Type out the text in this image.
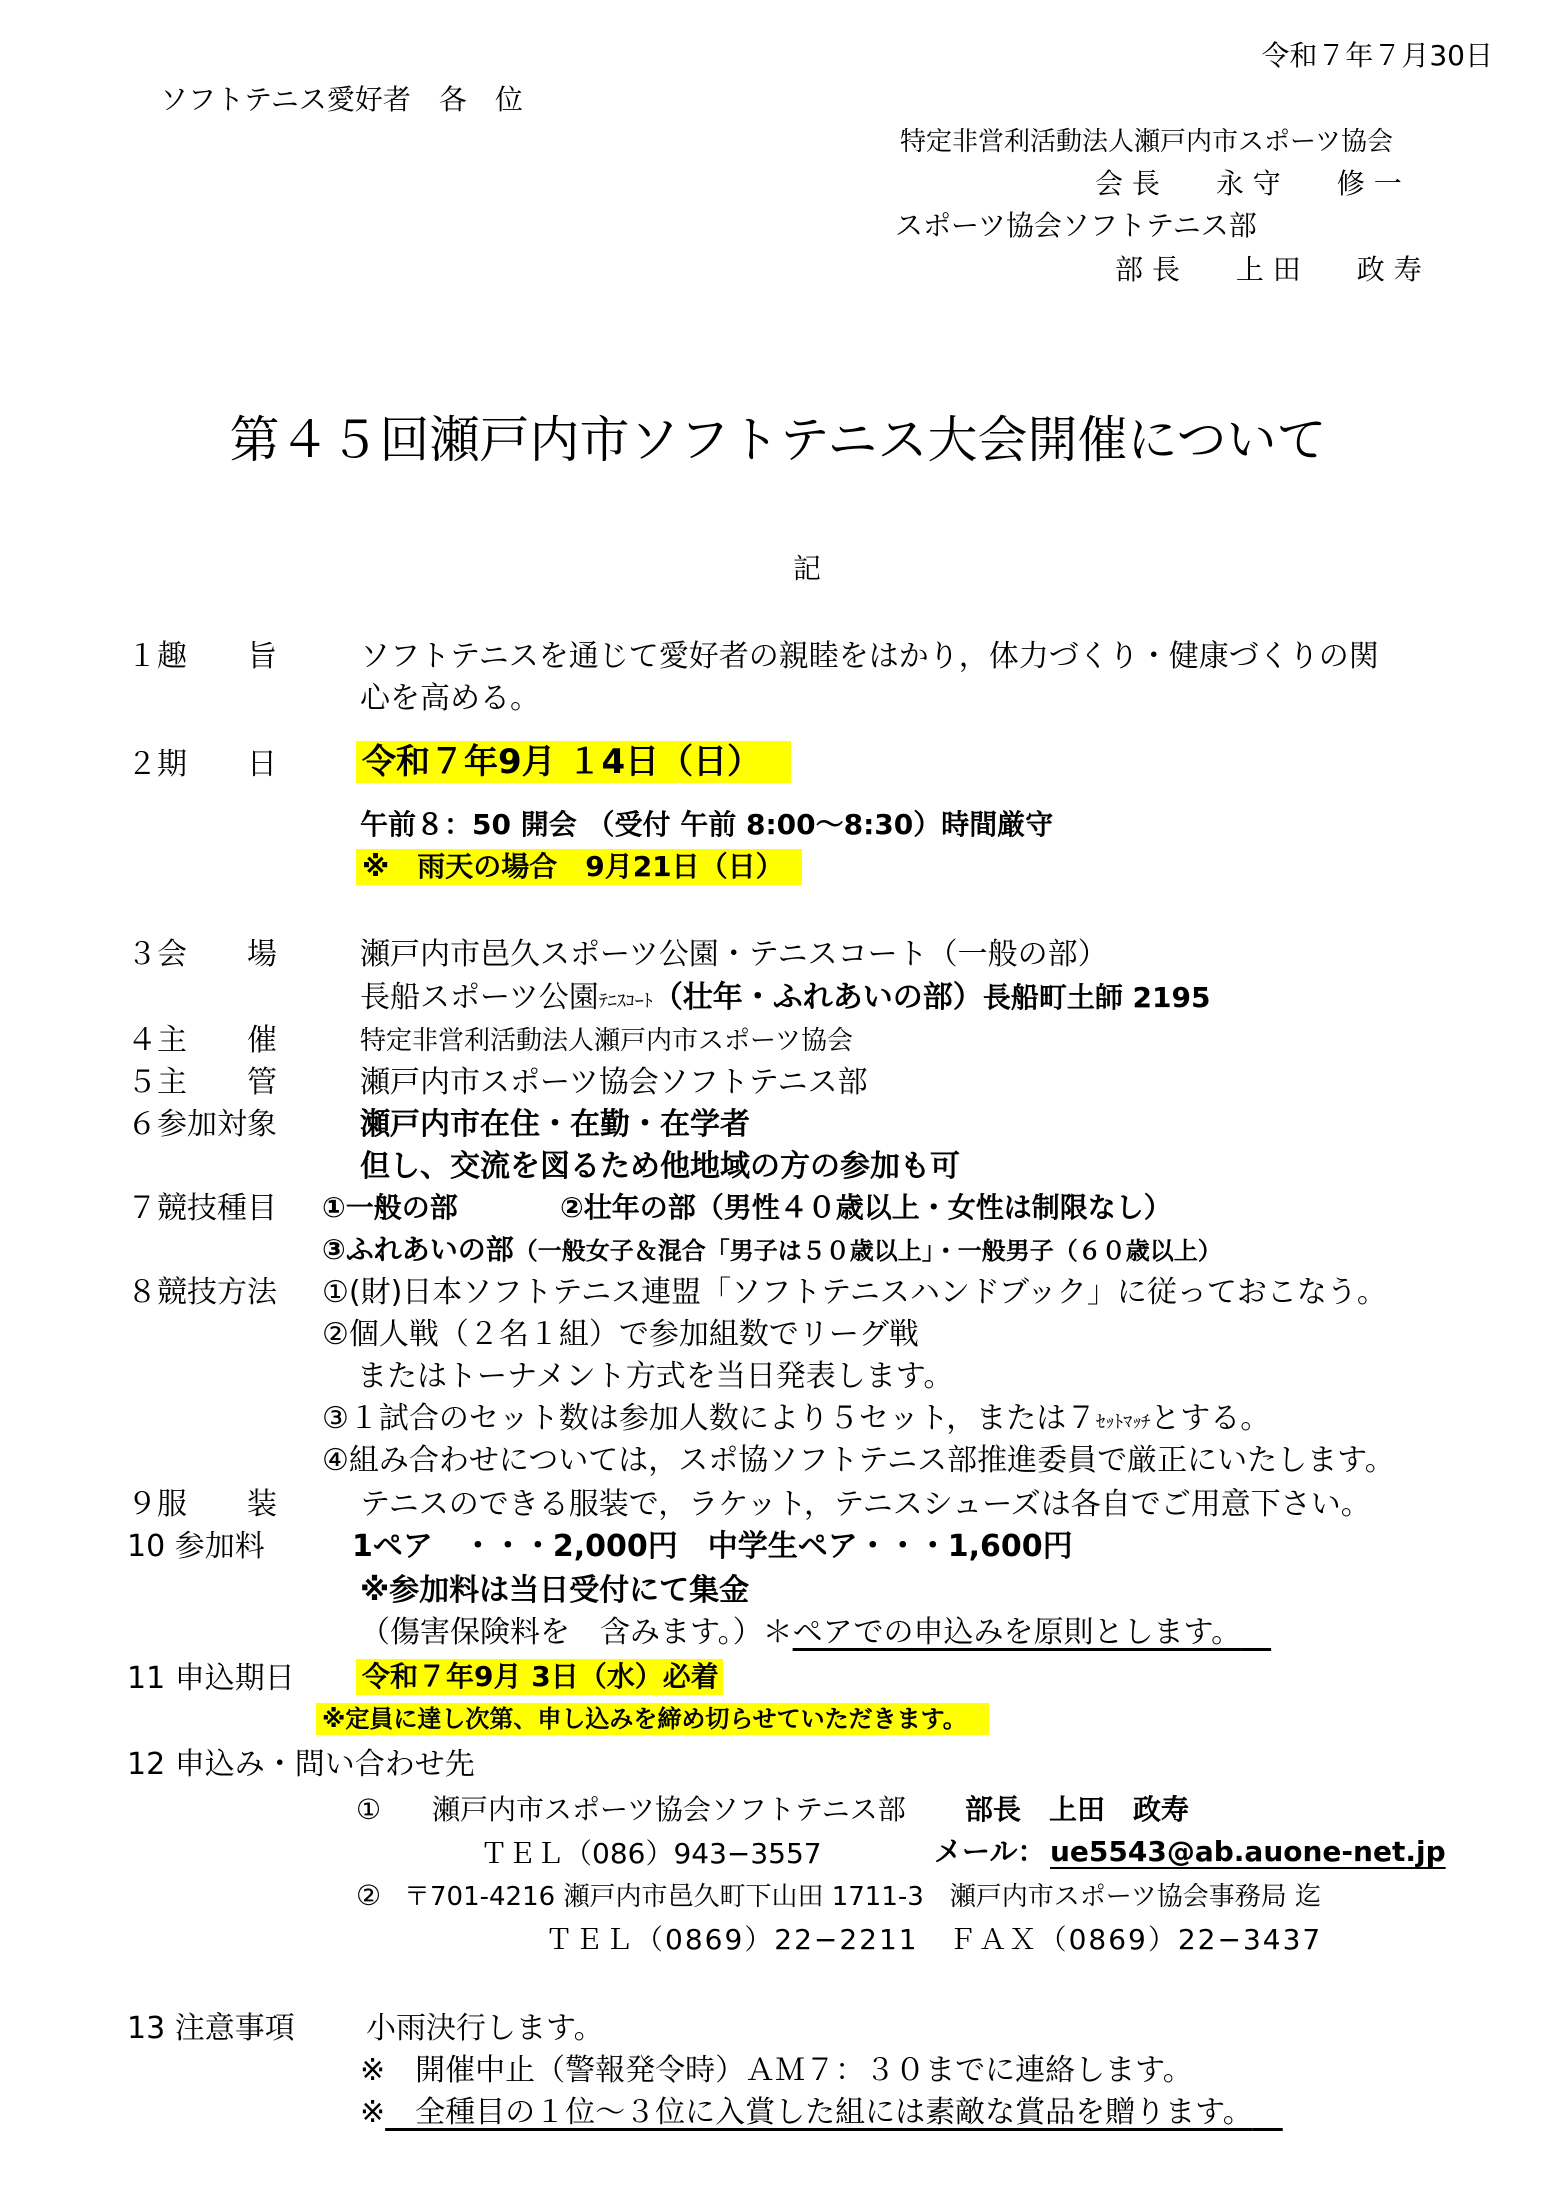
令和７年７月30日
ソフトテニス愛好者　各　位
特定非営利活動法人瀬戸内市スポーツ協会
会 長　　永 守　　修 一
スポーツ協会ソフトテニス部
部 長　　上 田　　政 寿
第４５回瀬戸内市ソフトテニス大会開催について
記
１趣　　旨	ソフトテニスを通じて愛好者の親睦をはかり，体力づくり・健康づくりの関
心を高める。
２期　　日	令和７年9月 １4日（日）
午前８：50 開会 （受付 午前 8:00～8:30）時間厳守
※　雨天の場合　9月21日（日）
３会　　場	瀬戸内市邑久スポーツ公園・テニスコート（一般の部）
長船スポーツ公園ﾃﾆｽｺｰﾄ（壮年・ふれあいの部）長船町土師 2195
４主　　催	特定非営利活動法人瀬戸内市スポーツ協会
５主　　管	瀬戸内市スポーツ協会ソフトテニス部
６参加対象	瀬戸内市在住・在勤・在学者
但し、交流を図るため他地域の方の参加も可
７競技種目 ①一般の部	②壮年の部（男性４０歳以上・女性は制限なし）
③ふれあいの部（一般女子＆混合「男子は５０歳以上」・一般男子（６０歳以上）
８競技方法 ①(財)日本ソフトテニス連盟「ソフトテニスハンドブック」に従っておこなう。
②個人戦（２名１組）で参加組数でリーグ戦
またはトーナメント方式を当日発表します。
③１試合のセット数は参加人数により５セット，または７ｾｯﾄﾏｯﾁとする。
④組み合わせについては，スポ協ソフトテニス部推進委員で厳正にいたします。
９服　　装	テニスのできる服装で，ラケット，テニスシューズは各自でご用意下さい。
10 参加料	1ペア　・・・2,000円　中学生ペア・・・1,600円
※参加料は当日受付にて集金
（傷害保険料を　含みます。）＊ペアでの申込みを原則とします。 
11 申込期日 令和７年9月 3日（水）必着
※定員に達し次第、申し込みを締め切らせていただきます。
12 申込み・問い合わせ先
① 瀬戸内市スポーツ協会ソフトテニス部 部長　上田　政寿
ＴＥＬ（086）943−3557	メール： ue5543@ab.auone-net.jp
② 〒701-4216 瀬戸内市邑久町下山田 1711-3　瀬戸内市スポーツ協会事務局 迄
ＴＥＬ（0869）22−2211　ＦＡＸ（0869）22−3437
13 注意事項 小雨決行します。
※　開催中止（警報発令時）ＡＭ７：３０までに連絡します。
※　全種目の１位～３位に入賞した組には素敵な賞品を贈ります。 
